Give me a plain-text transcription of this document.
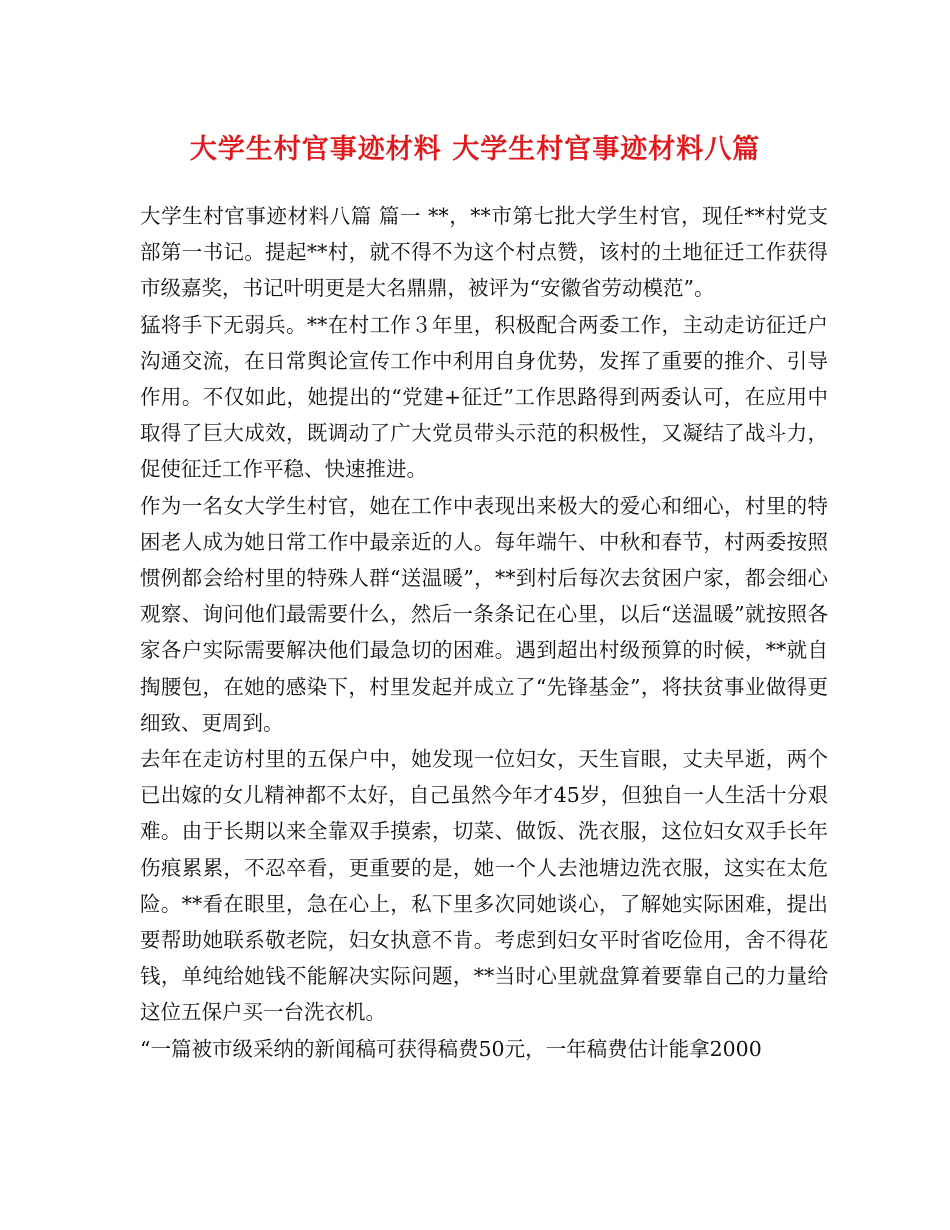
大学生村官事迹材料 大学生村官事迹材料八篇

大学生村官事迹材料八篇 篇一 **，**市第七批大学生村官，现任**村党支部第一书记。提起**村，就不得不为这个村点赞，该村的土地征迁工作获得市级嘉奖，书记叶明更是大名鼎鼎，被评为“安徽省劳动模范”。

猛将手下无弱兵。**在村工作３年里，积极配合两委工作，主动走访征迁户沟通交流，在日常舆论宣传工作中利用自身优势，发挥了重要的推介、引导作用。不仅如此，她提出的“党建+征迁”工作思路得到两委认可，在应用中取得了巨大成效，既调动了广大党员带头示范的积极性，又凝结了战斗力，促使征迁工作平稳、快速推进。

作为一名女大学生村官，她在工作中表现出来极大的爱心和细心，村里的特困老人成为她日常工作中最亲近的人。每年端午、中秋和春节，村两委按照惯例都会给村里的特殊人群“送温暖”，**到村后每次去贫困户家，都会细心观察、询问他们最需要什么，然后一条条记在心里，以后“送温暖”就按照各家各户实际需要解决他们最急切的困难。遇到超出村级预算的时候，**就自掏腰包，在她的感染下，村里发起并成立了“先锋基金”，将扶贫事业做得更细致、更周到。

去年在走访村里的五保户中，她发现一位妇女，天生盲眼，丈夫早逝，两个已出嫁的女儿精神都不太好，自己虽然今年才45岁，但独自一人生活十分艰难。由于长期以来全靠双手摸索，切菜、做饭、洗衣服，这位妇女双手长年伤痕累累，不忍卒看，更重要的是，她一个人去池塘边洗衣服，这实在太危险。**看在眼里，急在心上，私下里多次同她谈心，了解她实际困难，提出要帮助她联系敬老院，妇女执意不肯。考虑到妇女平时省吃俭用，舍不得花钱，单纯给她钱不能解决实际问题，**当时心里就盘算着要靠自己的力量给这位五保户买一台洗衣机。

“一篇被市级采纳的新闻稿可获得稿费50元，一年稿费估计能拿2000
